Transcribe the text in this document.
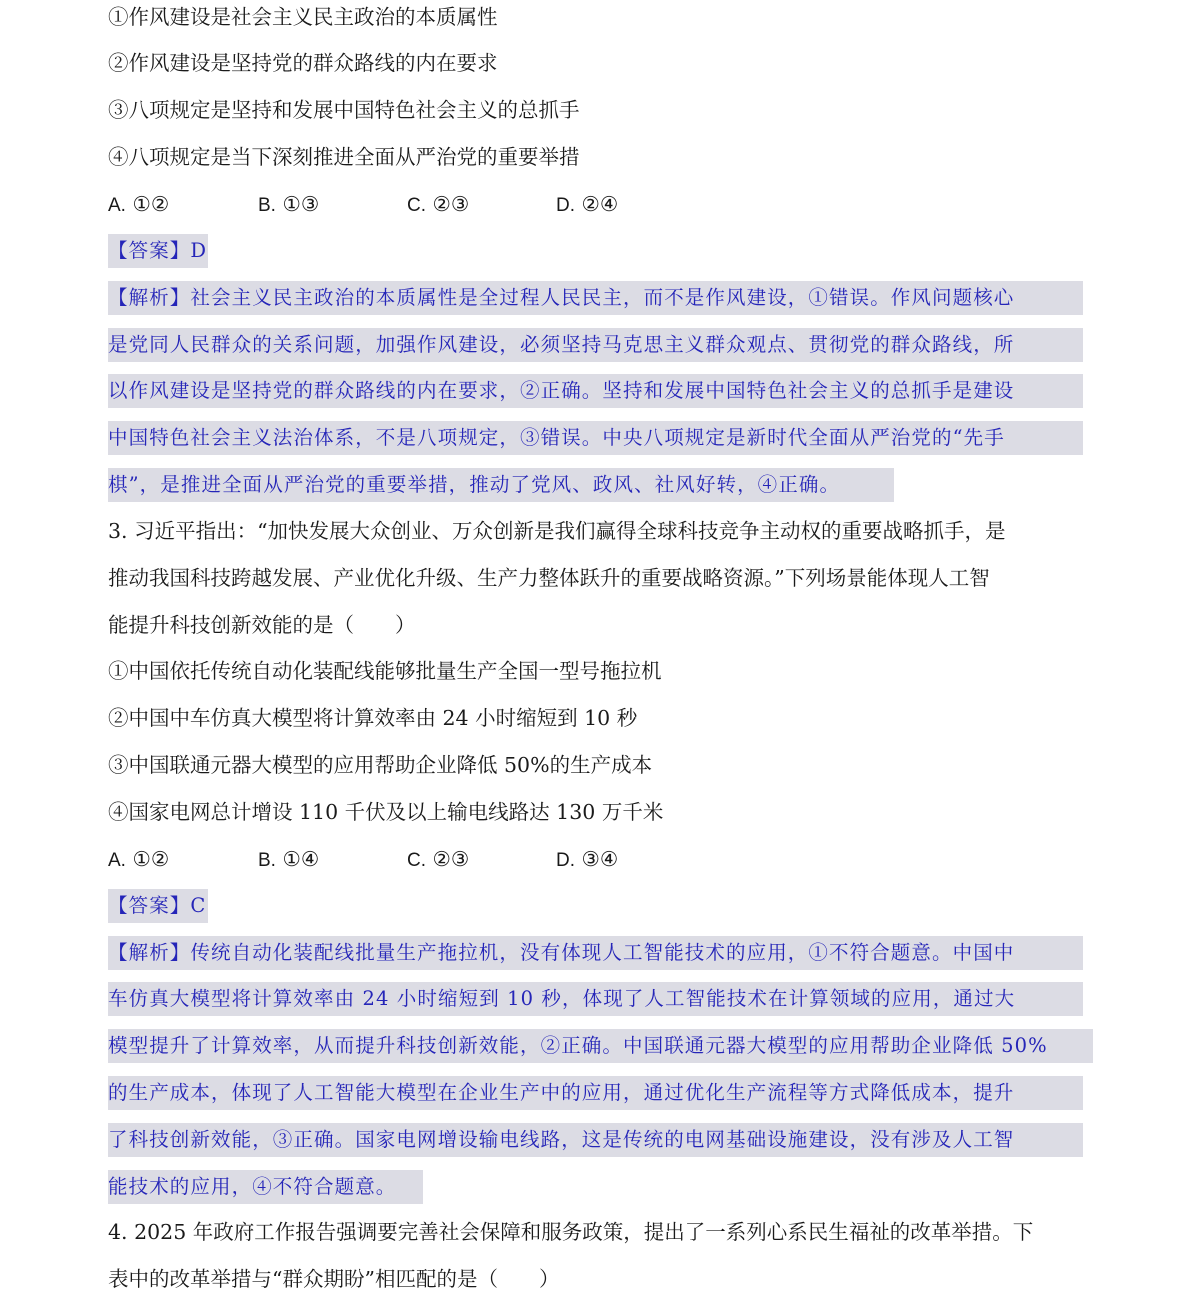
①作风建设是社会主义民主政治的本质属性
②作风建设是坚持党的群众路线的内在要求
③八项规定是坚持和发展中国特色社会主义的总抓手
④八项规定是当下深刻推进全面从严治党的重要举措
A. ①②	B. ①③	C. ②③	D. ②④
【答案】D
【解析】社会主义民主政治的本质属性是全过程人民民主，而不是作风建设，①错误。作风问题核心
是党同人民群众的关系问题，加强作风建设，必须坚持马克思主义群众观点、贯彻党的群众路线，所
以作风建设是坚持党的群众路线的内在要求，②正确。坚持和发展中国特色社会主义的总抓手是建设
中国特色社会主义法治体系，不是八项规定，③错误。中央八项规定是新时代全面从严治党的“先手
棋”，是推进全面从严治党的重要举措，推动了党风、政风、社风好转，④正确。
3. 习近平指出：“加快发展大众创业、万众创新是我们赢得全球科技竞争主动权的重要战略抓手，是
推动我国科技跨越发展、产业优化升级、生产力整体跃升的重要战略资源。”下列场景能体现人工智
能提升科技创新效能的是（　　）
①中国依托传统自动化装配线能够批量生产全国一型号拖拉机
②中国中车仿真大模型将计算效率由 24 小时缩短到 10 秒
③中国联通元器大模型的应用帮助企业降低 50%的生产成本
④国家电网总计增设 110 千伏及以上输电线路达 130 万千米
A. ①②	B. ①④	C. ②③	D. ③④
【答案】C
【解析】传统自动化装配线批量生产拖拉机，没有体现人工智能技术的应用，①不符合题意。中国中
车仿真大模型将计算效率由 24 小时缩短到 10 秒，体现了人工智能技术在计算领域的应用，通过大
模型提升了计算效率，从而提升科技创新效能，②正确。中国联通元器大模型的应用帮助企业降低 50%
的生产成本，体现了人工智能大模型在企业生产中的应用，通过优化生产流程等方式降低成本，提升
了科技创新效能，③正确。国家电网增设输电线路，这是传统的电网基础设施建设，没有涉及人工智
能技术的应用，④不符合题意。
4. 2025 年政府工作报告强调要完善社会保障和服务政策，提出了一系列心系民生福祉的改革举措。下
表中的改革举措与“群众期盼”相匹配的是（　　）
